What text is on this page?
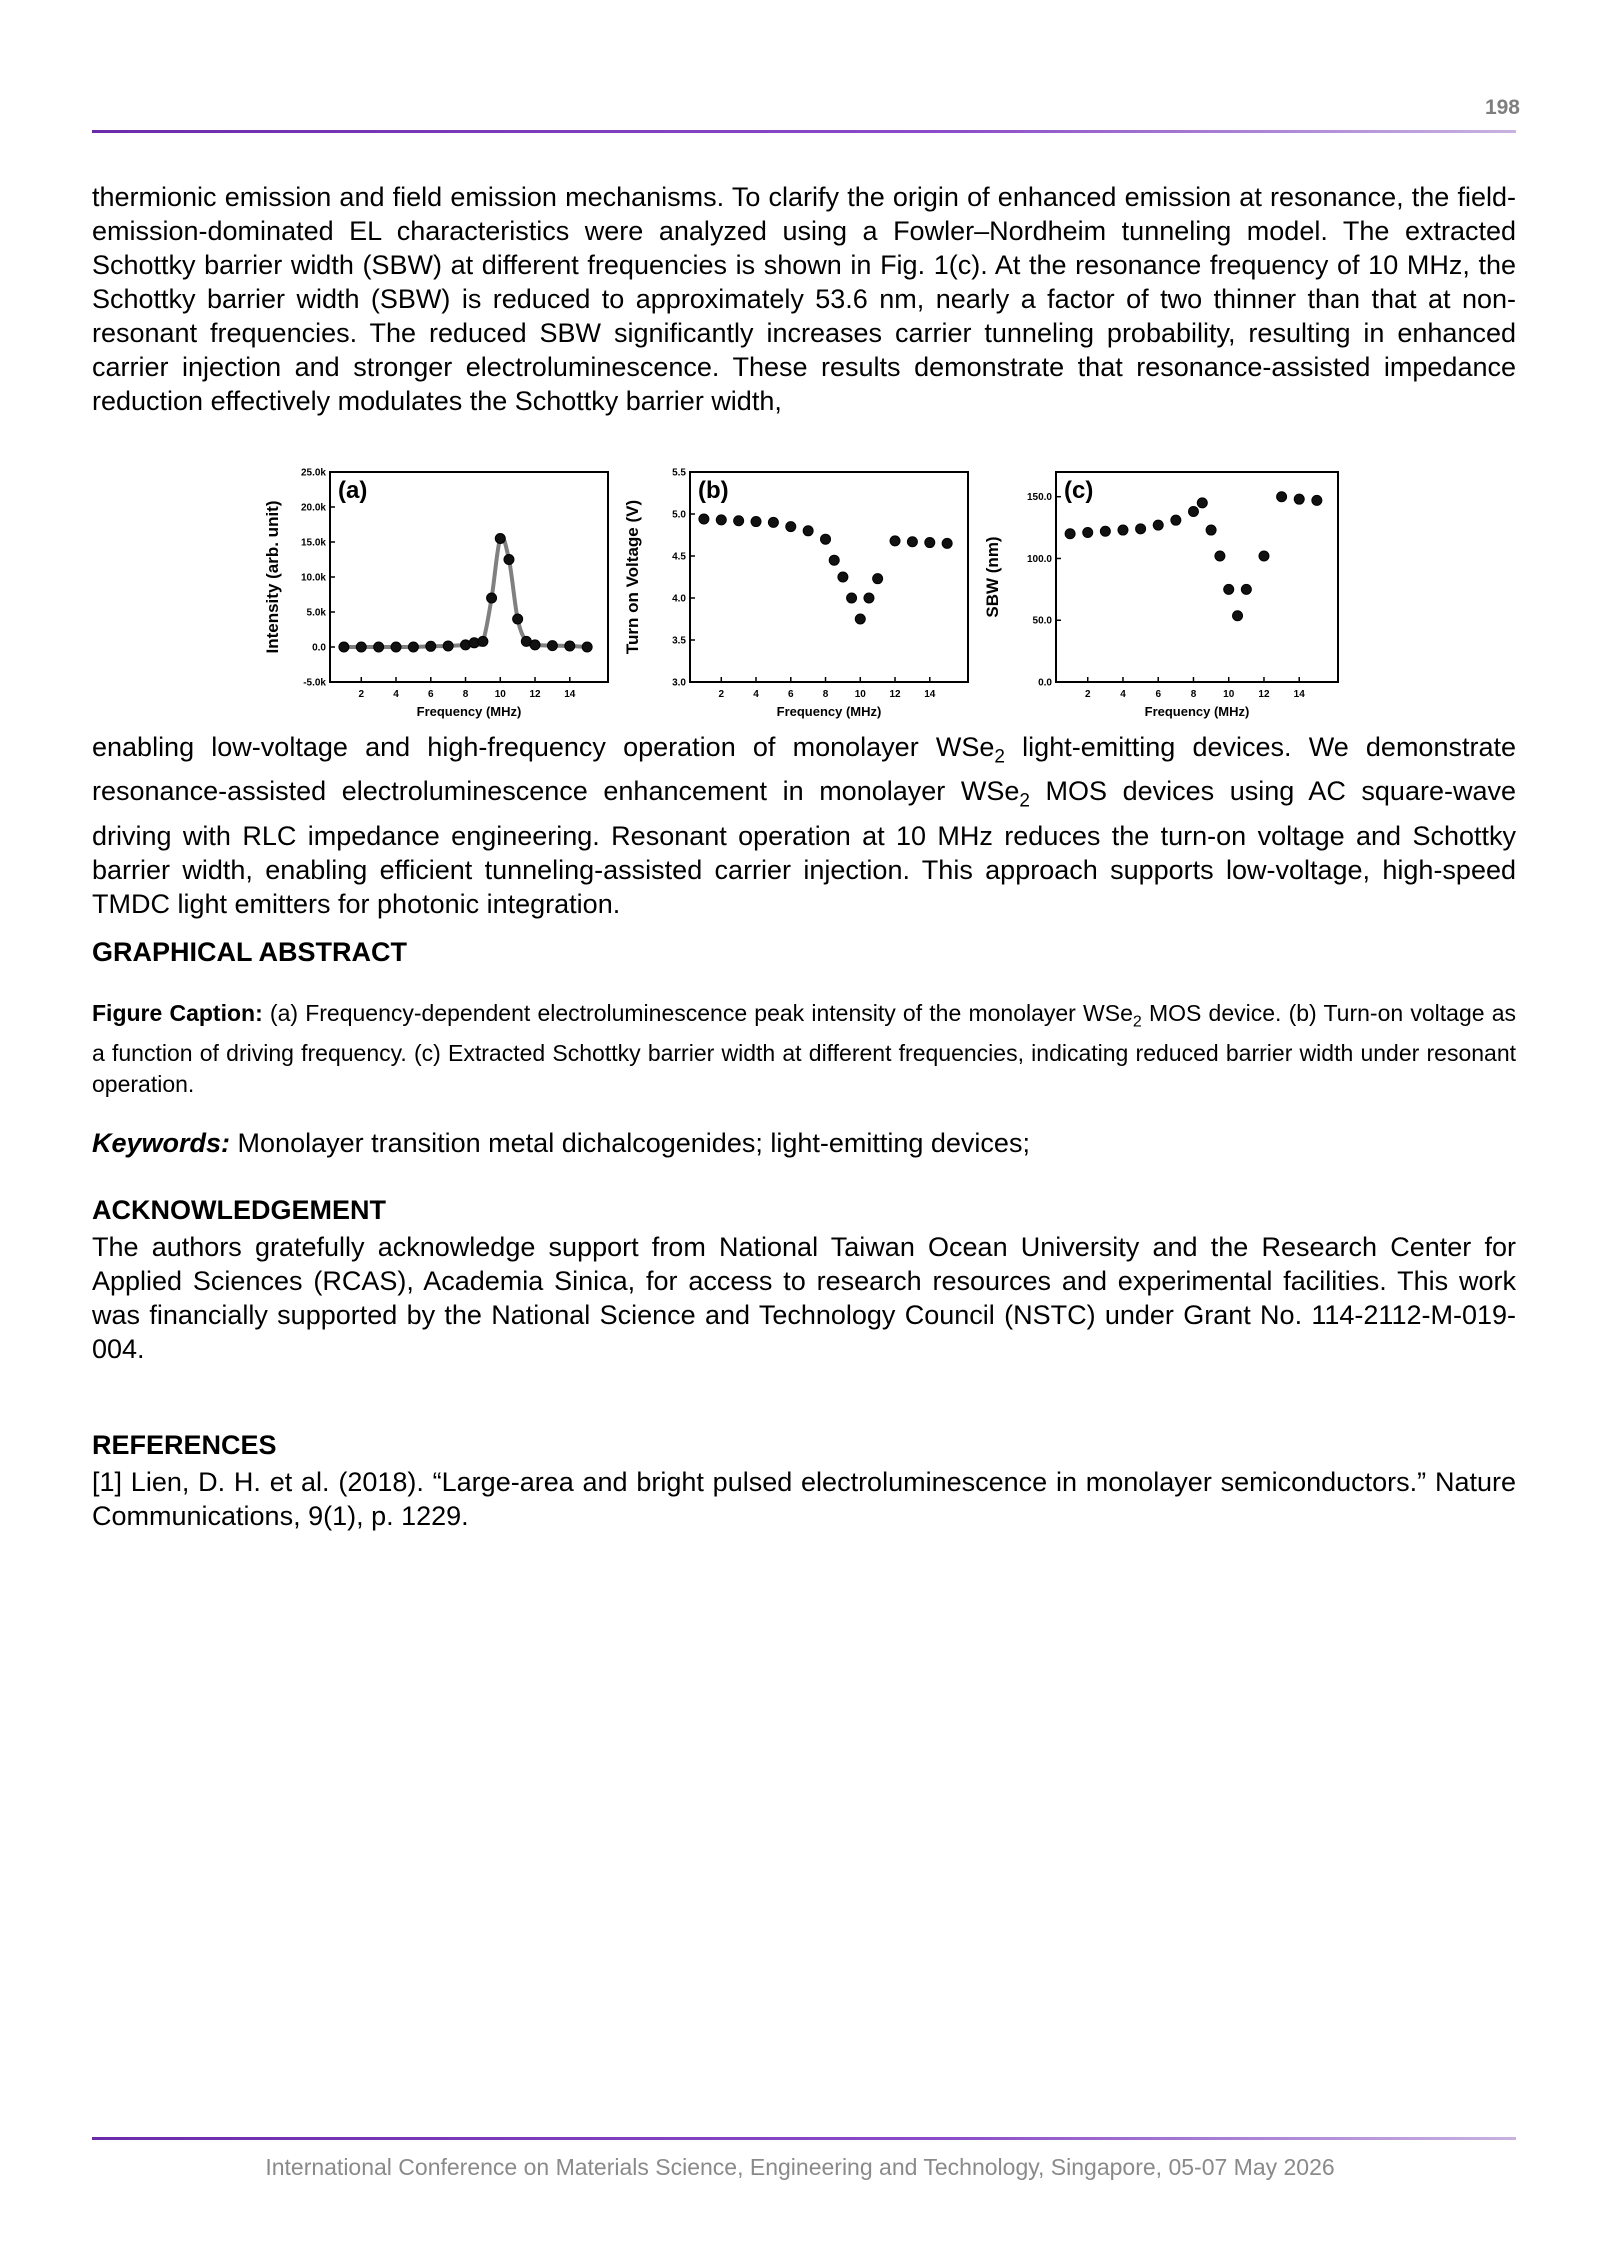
198

thermionic emission and field emission mechanisms. To clarify the origin of enhanced emission at resonance, the field-emission-dominated EL characteristics were analyzed using a Fowler–Nordheim tunneling model. The extracted Schottky barrier width (SBW) at different frequencies is shown in Fig. 1(c). At the resonance frequency of 10 MHz, the Schottky barrier width (SBW) is reduced to approximately 53.6 nm, nearly a factor of two thinner than that at non-resonant frequencies. The reduced SBW significantly increases carrier tunneling probability, resulting in enhanced carrier injection and stronger electroluminescence. These results demonstrate that resonance-assisted impedance reduction effectively modulates the Schottky barrier width,

2	4	6	8	10 12 14
-5.0k
0.0
5.0k
10.0k
15.0k
20.0k
25.0k
Frequency (MHz)
Intensity (arb. unit)
(a)
2	4	6	8	10 12 14
3.0
3.5
4.0
4.5
5.0
5.5
Frequency (MHz)
Turn on Voltage (V)
(b)
2	4	6	8	10 12 14
0.0
50.0
100.0
150.0
Frequency (MHz)
SBW (nm)
(c)

enabling low-voltage and high-frequency operation of monolayer WSe$_2$ light-emitting devices. We demonstrate resonance-assisted electroluminescence enhancement in monolayer WSe$_2$ MOS devices using AC square-wave driving with RLC impedance engineering. Resonant operation at 10 MHz reduces the turn-on voltage and Schottky barrier width, enabling efficient tunneling-assisted carrier injection. This approach supports low-voltage, high-speed TMDC light emitters for photonic integration.

GRAPHICAL ABSTRACT

Figure Caption: (a) Frequency-dependent electroluminescence peak intensity of the monolayer WSe$_2$ MOS device. (b) Turn-on voltage as a function of driving frequency. (c) Extracted Schottky barrier width at different frequencies, indicating reduced barrier width under resonant operation.

Keywords: Monolayer transition metal dichalcogenides; light-emitting devices;

ACKNOWLEDGEMENT

The authors gratefully acknowledge support from National Taiwan Ocean University and the Research Center for Applied Sciences (RCAS), Academia Sinica, for access to research resources and experimental facilities. This work was financially supported by the National Science and Technology Council (NSTC) under Grant No. 114-2112-M-019-004.

REFERENCES

[1] Lien, D. H. et al. (2018). “Large-area and bright pulsed electroluminescence in monolayer semiconductors.” Nature Communications, 9(1), p. 1229.

International Conference on Materials Science, Engineering and Technology, Singapore, 05-07 May 2026
